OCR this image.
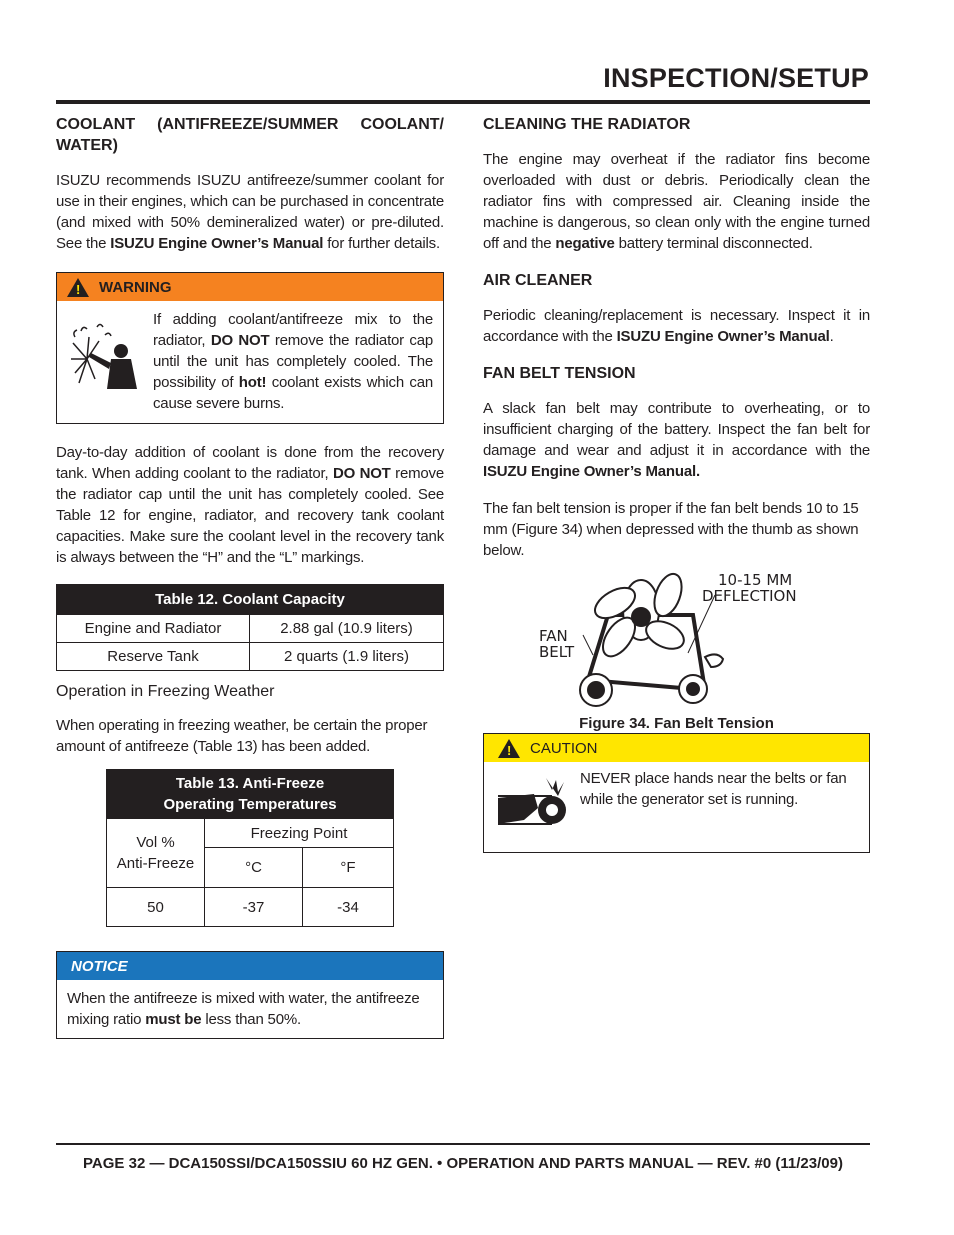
INSPECTION/SETUP
COOLANT (ANTIFREEZE/SUMMER COOLANT/ WATER)

ISUZU recommends ISUZU antifreeze/summer coolant for use in their engines, which can be purchased in concentrate (and mixed with 50% demineralized water) or pre-diluted. See the ISUZU Engine Owner’s Manual for further details.

! WARNING

If adding coolant/antifreeze mix to the radiator, DO NOT remove the radiator cap until the unit has completely cooled. The possibility of hot! coolant exists which can cause severe burns.

Day-to-day addition of coolant is done from the recovery tank. When adding coolant to the radiator, DO NOT remove the radiator cap until the unit has completely cooled. See Table 12 for engine, radiator, and recovery tank coolant capacities. Make sure the coolant level in the recovery tank is always between the “H” and the “L” markings.

Table 12. Coolant Capacity	
Engine and Radiator	2.88 gal (10.9 liters)
Reserve Tank	2 quarts (1.9 liters)
Operation in Freezing Weather

When operating in freezing weather, be certain the proper amount of antifreeze (Table 13) has been added.

Table 13. Anti-Freeze
Operating Temperatures		
Vol %
Anti-Freeze	Freezing Point	
	°C	°F
50	-37	-34
NOTICE

When the antifreeze is mixed with water, the antifreeze mixing ratio must be less than 50%.

CLEANING THE RADIATOR

The engine may overheat if the radiator fins become overloaded with dust or debris. Periodically clean the radiator fins with compressed air. Cleaning inside the machine is dangerous, so clean only with the engine turned off and the negative battery terminal disconnected.

AIR CLEANER

Periodic cleaning/replacement is necessary. Inspect it in accordance with the ISUZU Engine Owner’s Manual.

FAN BELT TENSION

A slack fan belt may contribute to overheating, or to insufficient charging of the battery. Inspect the fan belt for damage and wear and adjust it in accordance with the ISUZU Engine Owner’s Manual.

The fan belt tension is proper if the fan belt bends 10 to 15 mm (Figure 34) when depressed with the thumb as shown below.

10-15 MM
DEFLECTION
FAN
BELT
Figure 34. Fan Belt Tension
! CAUTION

NEVER place hands near the belts or fan while the generator set is running.

PAGE 32 — DCA150SSI/DCA150SSIU 60 HZ GEN. • OPERATION AND PARTS MANUAL — REV. #0 (11/23/09)
